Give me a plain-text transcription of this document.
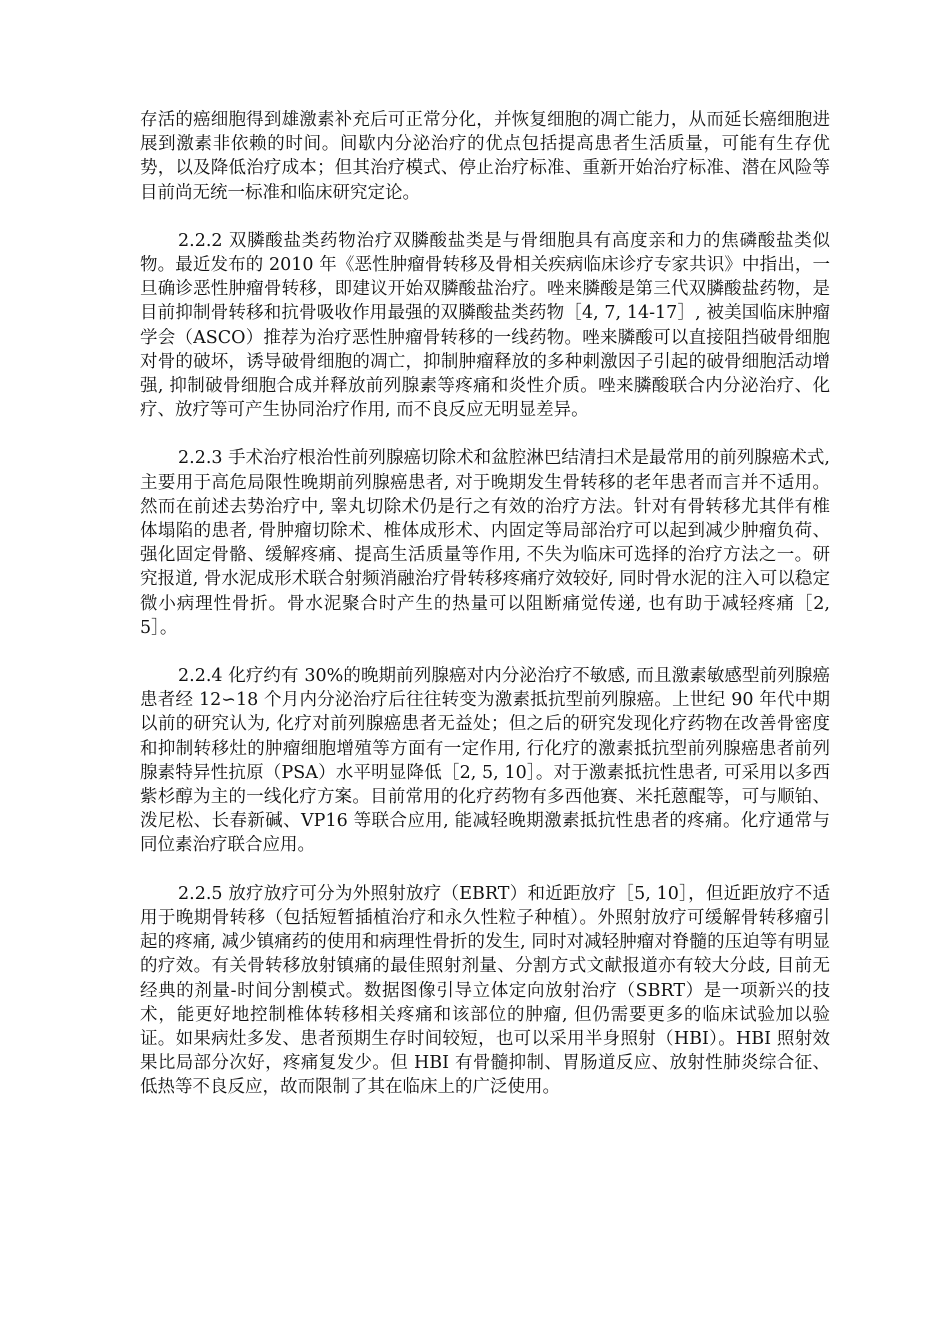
存活的癌细胞得到雄激素补充后可正常分化，并恢复细胞的凋亡能力，从而延长癌细胞进展到激素非依赖的时间。间歇内分泌治疗的优点包括提高患者生活质量，可能有生存优势，以及降低治疗成本；但其治疗模式、停止治疗标准、重新开始治疗标准、潜在风险等目前尚无统一标准和临床研究定论。

2.2.2 双膦酸盐类药物治疗双膦酸盐类是与骨细胞具有高度亲和力的焦磷酸盐类似物。最近发布的 2010 年《恶性肿瘤骨转移及骨相关疾病临床诊疗专家共识》中指出，一旦确诊恶性肿瘤骨转移，即建议开始双膦酸盐治疗。唑来膦酸是第三代双膦酸盐药物，是目前抑制骨转移和抗骨吸收作用最强的双膦酸盐类药物［4, 7, 14-17］, 被美国临床肿瘤学会（ASCO）推荐为治疗恶性肿瘤骨转移的一线药物。唑来膦酸可以直接阻挡破骨细胞对骨的破坏，诱导破骨细胞的凋亡，抑制肿瘤释放的多种刺激因子引起的破骨细胞活动增强, 抑制破骨细胞合成并释放前列腺素等疼痛和炎性介质。唑来膦酸联合内分泌治疗、化疗、放疗等可产生协同治疗作用, 而不良反应无明显差异。

2.2.3 手术治疗根治性前列腺癌切除术和盆腔淋巴结清扫术是最常用的前列腺癌术式, 主要用于高危局限性晚期前列腺癌患者, 对于晚期发生骨转移的老年患者而言并不适用。然而在前述去势治疗中, 睾丸切除术仍是行之有效的治疗方法。针对有骨转移尤其伴有椎体塌陷的患者, 骨肿瘤切除术、椎体成形术、内固定等局部治疗可以起到减少肿瘤负荷、强化固定骨骼、缓解疼痛、提高生活质量等作用, 不失为临床可选择的治疗方法之一。研究报道, 骨水泥成形术联合射频消融治疗骨转移疼痛疗效较好, 同时骨水泥的注入可以稳定微小病理性骨折。骨水泥聚合时产生的热量可以阻断痛觉传递, 也有助于减轻疼痛［2, 5］。

2.2.4 化疗约有 30%的晚期前列腺癌对内分泌治疗不敏感, 而且激素敏感型前列腺癌患者经 12∽18 个月内分泌治疗后往往转变为激素抵抗型前列腺癌。上世纪 90 年代中期以前的研究认为, 化疗对前列腺癌患者无益处；但之后的研究发现化疗药物在改善骨密度和抑制转移灶的肿瘤细胞增殖等方面有一定作用, 行化疗的激素抵抗型前列腺癌患者前列腺素特异性抗原（PSA）水平明显降低［2, 5, 10］。对于激素抵抗性患者, 可采用以多西紫杉醇为主的一线化疗方案。目前常用的化疗药物有多西他赛、米托蒽醌等，可与顺铂、泼尼松、长春新碱、VP16 等联合应用, 能减轻晚期激素抵抗性患者的疼痛。化疗通常与同位素治疗联合应用。

2.2.5 放疗放疗可分为外照射放疗（EBRT）和近距放疗［5, 10］，但近距放疗不适用于晚期骨转移（包括短暂插植治疗和永久性粒子种植）。外照射放疗可缓解骨转移瘤引起的疼痛, 减少镇痛药的使用和病理性骨折的发生, 同时对减轻肿瘤对脊髓的压迫等有明显的疗效。有关骨转移放射镇痛的最佳照射剂量、分割方式文献报道亦有较大分歧, 目前无经典的剂量-时间分割模式。数据图像引导立体定向放射治疗（SBRT）是一项新兴的技术，能更好地控制椎体转移相关疼痛和该部位的肿瘤, 但仍需要更多的临床试验加以验证。如果病灶多发、患者预期生存时间较短，也可以采用半身照射（HBI）。HBI 照射效果比局部分次好，疼痛复发少。但 HBI 有骨髓抑制、胃肠道反应、放射性肺炎综合征、低热等不良反应，故而限制了其在临床上的广泛使用。
